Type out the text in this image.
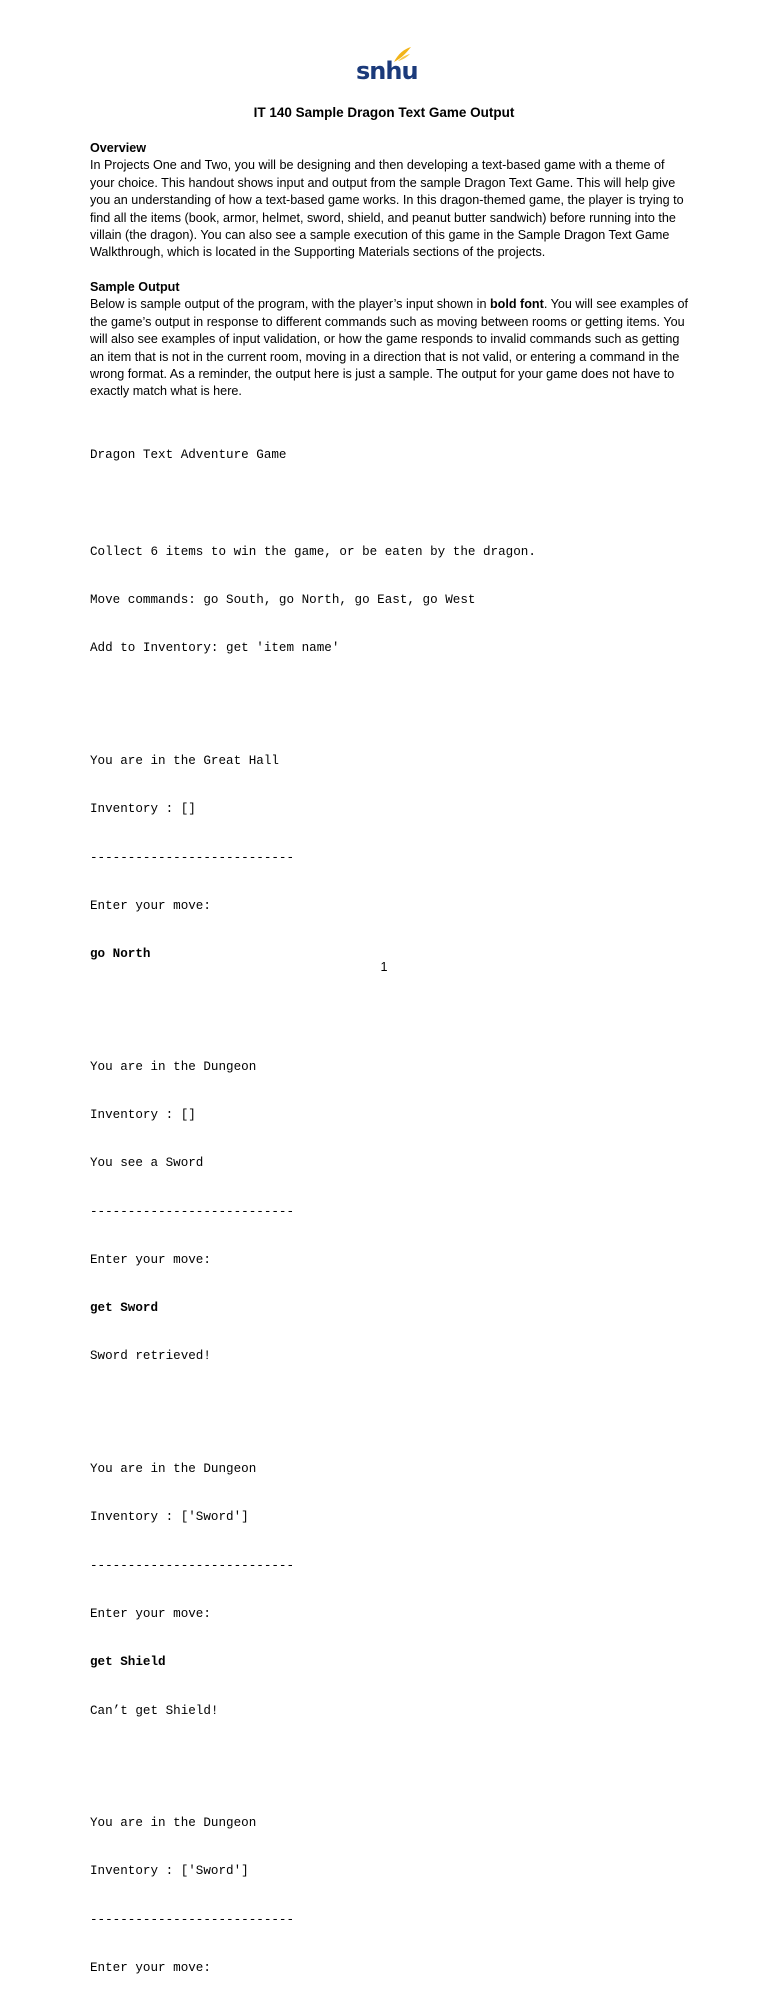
snhu
IT 140 Sample Dragon Text Game Output
Overview

In Projects One and Two, you will be designing and then developing a text-based game with a theme of your choice. This handout shows input and output from the sample Dragon Text Game. This will help give you an understanding of how a text-based game works. In this dragon-themed game, the player is trying to find all the items (book, armor, helmet, sword, shield, and peanut butter sandwich) before running into the villain (the dragon). You can also see a sample execution of this game in the Sample Dragon Text Game Walkthrough, which is located in the Supporting Materials sections of the projects.

Sample Output

Below is sample output of the program, with the player’s input shown in bold font. You will see examples of the game’s output in response to different commands such as moving between rooms or getting items. You will also see examples of input validation, or how the game responds to invalid commands such as getting an item that is not in the current room, moving in a direction that is not valid, or entering a command in the wrong format. As a reminder, the output here is just a sample. The output for your game does not have to exactly match what is here.

Dragon Text Adventure Game

Collect 6 items to win the game, or be eaten by the dragon.

Move commands: go South, go North, go East, go West

Add to Inventory: get 'item name'

You are in the Great Hall

Inventory : []

---------------------------

Enter your move:

go North

You are in the Dungeon

Inventory : []

You see a Sword

---------------------------

Enter your move:

get Sword

Sword retrieved!

You are in the Dungeon

Inventory : ['Sword']

---------------------------

Enter your move:

get Shield

Can’t get Shield!

You are in the Dungeon

Inventory : ['Sword']

---------------------------

Enter your move:

1
